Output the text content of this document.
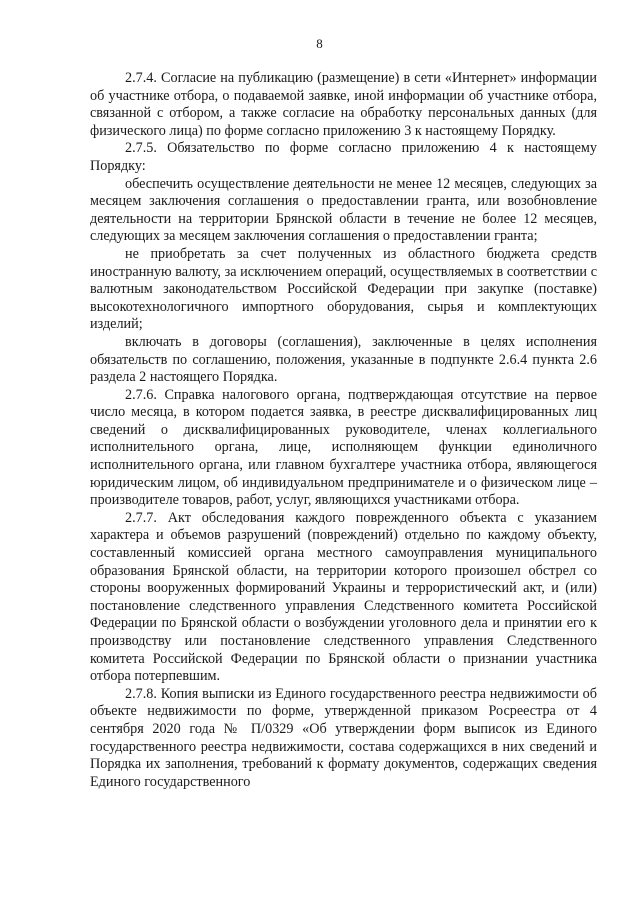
8

2.7.4. Согласие на публикацию (размещение) в сети «Интернет» информации об участнике отбора, о подаваемой заявке, иной информации об участнике отбора, связанной с отбором, а также согласие на обработку персональных данных (для физического лица) по форме согласно приложению 3 к настоящему Порядку.

2.7.5. Обязательство по форме согласно приложению 4 к настоящему Порядку:

обеспечить осуществление деятельности не менее 12 месяцев, следующих за месяцем заключения соглашения о предоставлении гранта, или возобновление деятельности на территории Брянской области в течение не более 12 месяцев, следующих за месяцем заключения соглашения о предоставлении гранта;

не приобретать за счет полученных из областного бюджета средств иностранную валюту, за исключением операций, осуществляемых в соответствии с валютным законодательством Российской Федерации при закупке (поставке) высокотехнологичного импортного оборудования, сырья и комплектующих изделий;

включать в договоры (соглашения), заключенные в целях исполнения обязательств по соглашению, положения, указанные в подпункте 2.6.4 пункта 2.6 раздела 2 настоящего Порядка.

2.7.6. Справка налогового органа, подтверждающая отсутствие на первое число месяца, в котором подается заявка, в реестре дисквалифицированных лиц сведений о дисквалифицированных руководителе, членах коллегиального исполнительного органа, лице, исполняющем функции единоличного исполнительного органа, или главном бухгалтере участника отбора, являющегося юридическим лицом, об индивидуальном предпринимателе и о физическом лице – производителе товаров, работ, услуг, являющихся участниками отбора.

2.7.7. Акт обследования каждого поврежденного объекта с указанием характера и объемов разрушений (повреждений) отдельно по каждому объекту, составленный комиссией органа местного самоуправления муниципального образования Брянской области, на территории которого произошел обстрел со стороны вооруженных формирований Украины и террористический акт, и (или) постановление следственного управления Следственного комитета Российской Федерации по Брянской области о возбуждении уголовного дела и принятии его к производству или постановление следственного управления Следственного комитета Российской Федерации по Брянской области о признании участника отбора потерпевшим.

2.7.8. Копия выписки из Единого государственного реестра недвижимости об объекте недвижимости по форме, утвержденной приказом Росреестра от 4 сентября 2020 года № П/0329 «Об утверждении форм выписок из Единого государственного реестра недвижимости, состава содержащихся в них сведений и Порядка их заполнения, требований к формату документов, содержащих сведения Единого государственного
